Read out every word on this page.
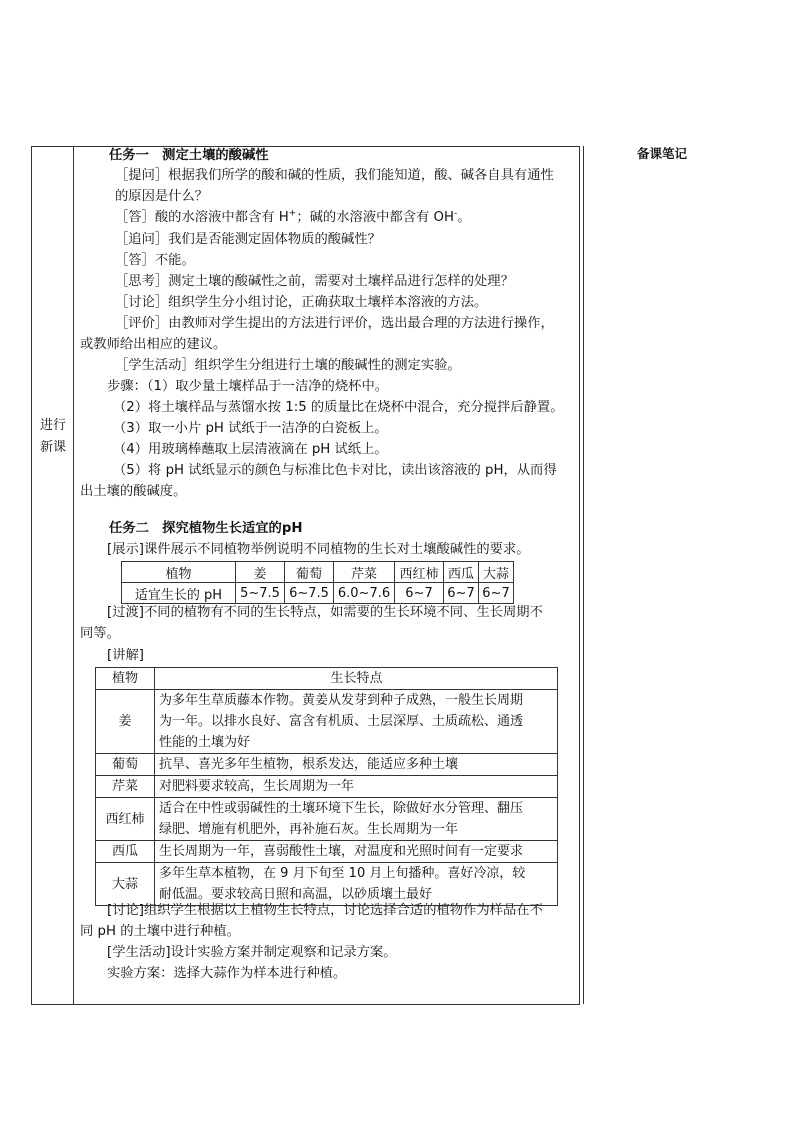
进行
新课
备课笔记
任务一　测定土壤的酸碱性
［提问］根据我们所学的酸和碱的性质，我们能知道，酸、碱各自具有通性
的原因是什么？
［答］酸的水溶液中都含有 H+；碱的水溶液中都含有 OH-。
［追问］我们是否能测定固体物质的酸碱性？
［答］不能。
［思考］测定土壤的酸碱性之前，需要对土壤样品进行怎样的处理？
［讨论］组织学生分小组讨论，正确获取土壤样本溶液的方法。
［评价］由教师对学生提出的方法进行评价，选出最合理的方法进行操作，
或教师给出相应的建议。
［学生活动］组织学生分组进行土壤的酸碱性的测定实验。
步骤：（1）取少量土壤样品于一洁净的烧杯中。
（2）将土壤样品与蒸馏水按 1:5 的质量比在烧杯中混合，充分搅拌后静置。
（3）取一小片 pH 试纸于一洁净的白瓷板上。
（4）用玻璃棒蘸取上层清液滴在 pH 试纸上。
（5）将 pH 试纸显示的颜色与标准比色卡对比，读出该溶液的 pH，从而得
出土壤的酸碱度。
任务二　探究植物生长适宜的pH
[展示]课件展示不同植物举例说明不同植物的生长对土壤酸碱性的要求。
[过渡]不同的植物有不同的生长特点，如需要的生长环境不同、生长周期不
同等。
[讲解]
[讨论]组织学生根据以上植物生长特点，讨论选择合适的植物作为样品在不
同 pH 的土壤中进行种植。
[学生活动]设计实验方案并制定观察和记录方案。
实验方案：选择大蒜作为样本进行种植。
植物	姜	葡萄	芹菜	西红柿	西瓜	大蒜
适宜生长的 pH	5~7.5	6~7.5	6.0~7.6	6~7	6~7	6~7
植物	生长特点
姜	为多年生草质藤本作物。黄姜从发芽到种子成熟，一般生长周期
为一年。以排水良好、富含有机质、土层深厚、土质疏松、通透
性能的土壤为好

葡萄	抗旱、喜光多年生植物，根系发达，能适应多种土壤

芹菜	对肥料要求较高，生长周期为一年

西红柿	适合在中性或弱碱性的土壤环境下生长，除做好水分管理、翻压
绿肥、增施有机肥外，再补施石灰。生长周期为一年

西瓜	生长周期为一年，喜弱酸性土壤，对温度和光照时间有一定要求

大蒜	多年生草本植物，在 9 月下旬至 10 月上旬播种。喜好冷凉，较
耐低温。要求较高日照和高温，以砂质壤土最好
